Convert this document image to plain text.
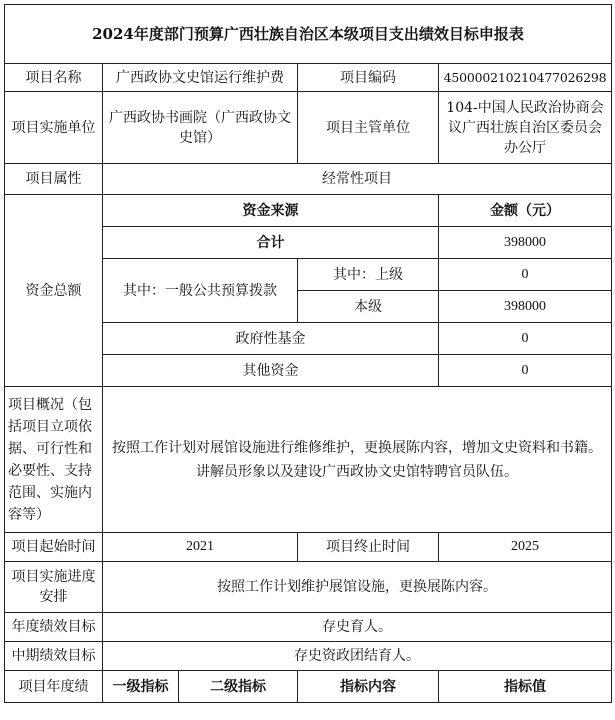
2024年度部门预算广西壮族自治区本级项目支出绩效目标申报表				
项目名称	广西政协文史馆运行维护费		项目编码	450000210210477026298
项目实施单位	广西政协书画院（广西政协文史馆）		项目主管单位	104-中国人民政治协商会议广西壮族自治区委员会办公厅
项目属性	经常性项目			
资金总额	资金来源			金额（元）
	合计			398000
	其中：一般公共预算拨款		其中：上级	0
			本级	398000
	政府性基金			0
	其他资金			0
项目概况（包括项目立项依据、可行性和必要性、支持范围、实施内容等）	按照工作计划对展馆设施进行维修维护，更换展陈内容，增加文史资料和书籍。讲解员形象以及建设广西政协文史馆特聘官员队伍。			
项目起始时间	2021		项目终止时间	2025
项目实施进度安排	按照工作计划维护展馆设施，更换展陈内容。			
年度绩效目标	存史育人。			
中期绩效目标	存史资政团结育人。			
项目年度绩	一级指标	二级指标	指标内容	指标值
